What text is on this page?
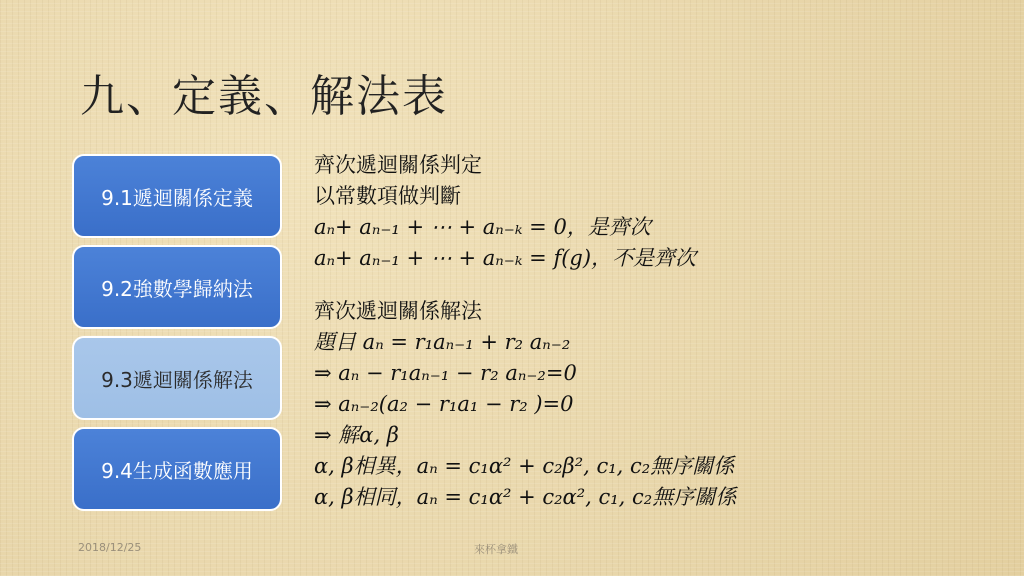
九、定義、解法表
9.1遞迴關係定義
9.2強數學歸納法
9.3遞迴關係解法
9.4生成函數應用
齊次遞迴關係判定
以常數項做判斷
aₙ+ aₙ₋₁ + ⋯ + aₙ₋ₖ = 0，是齊次
aₙ+ aₙ₋₁ + ⋯ + aₙ₋ₖ = f(g)，不是齊次
齊次遞迴關係解法
題目 aₙ = r₁aₙ₋₁ + r₂ aₙ₋₂
⇒ aₙ − r₁aₙ₋₁ − r₂ aₙ₋₂=0
⇒ aₙ₋₂(a₂ − r₁a₁ − r₂ )=0
⇒ 解α, β
α, β相異，aₙ = c₁α² + c₂β², c₁, c₂無序關係
α, β相同，aₙ = c₁α² + c₂α², c₁, c₂無序關係
2018/12/25	來杯拿鐵
